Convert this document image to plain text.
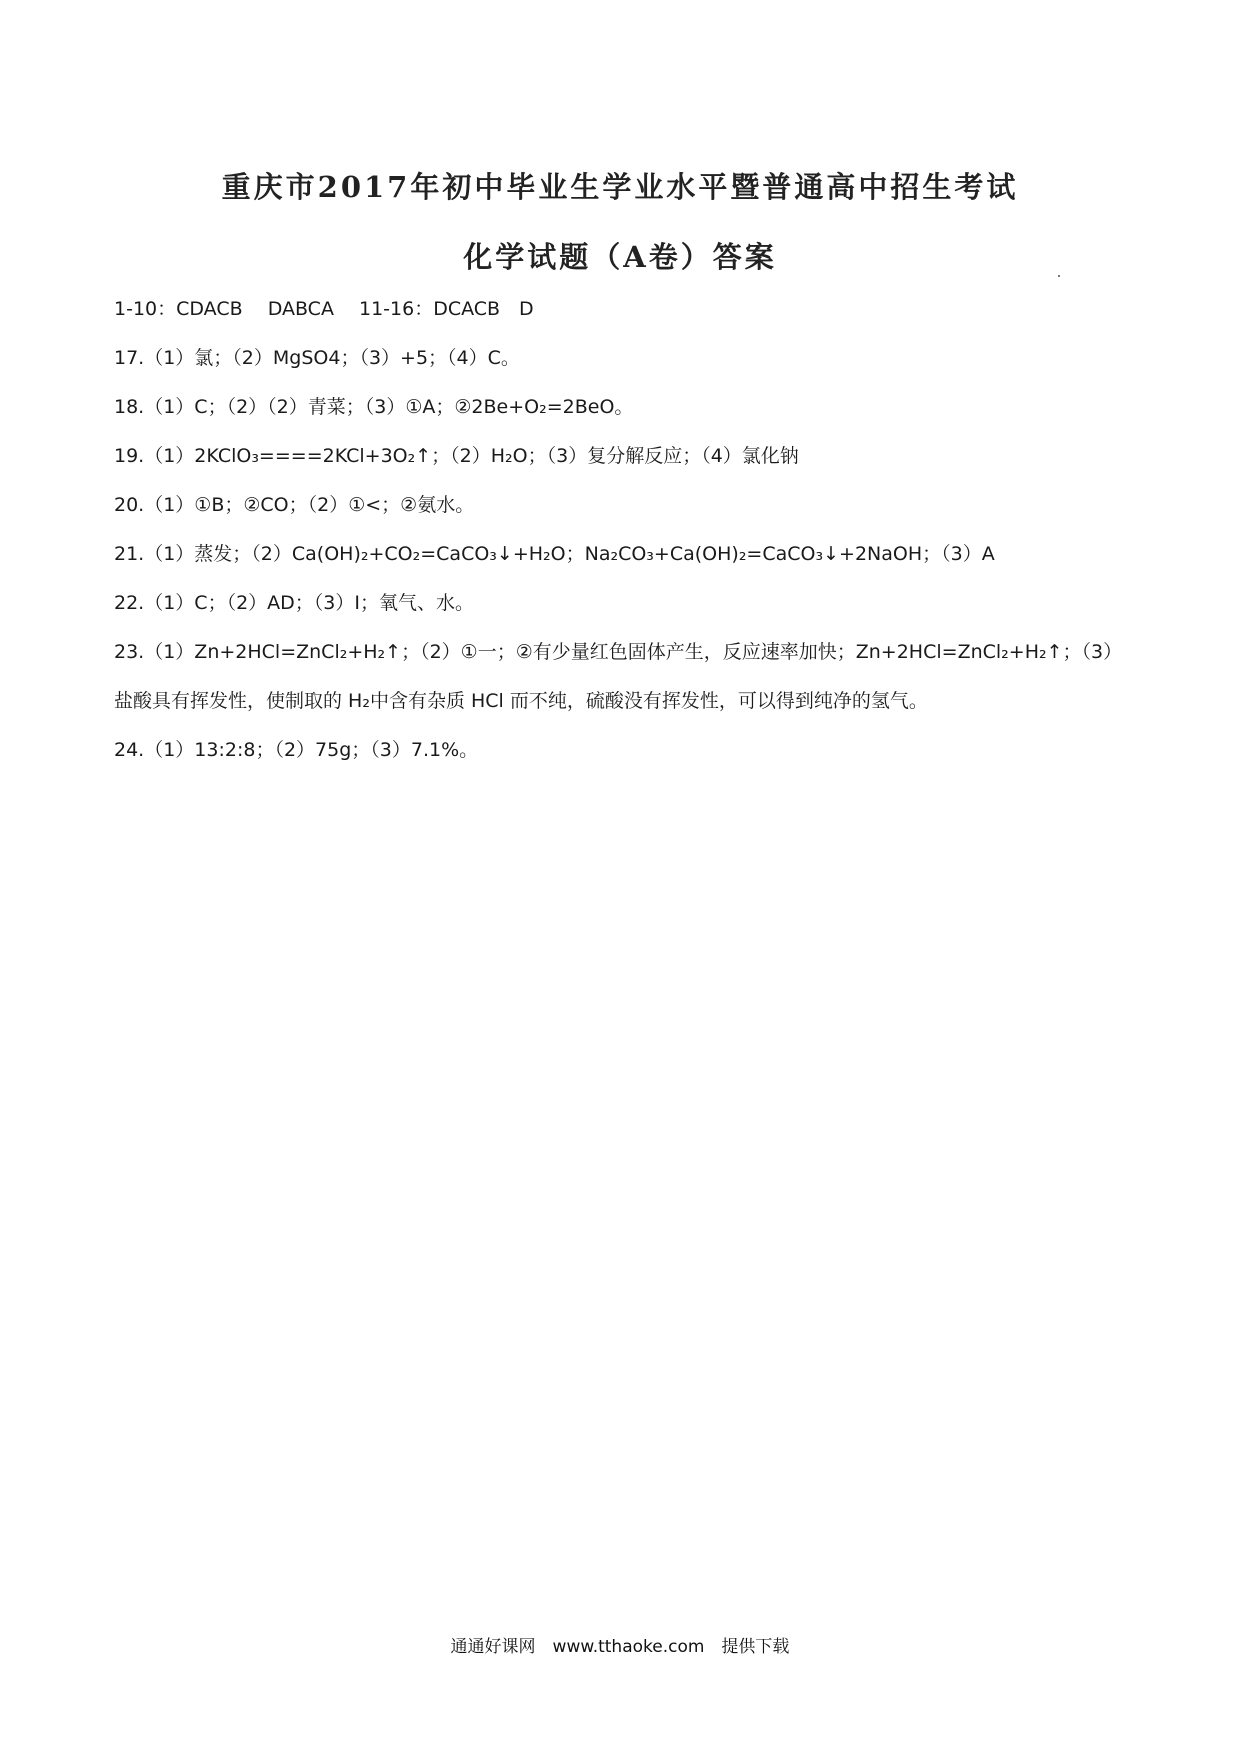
重庆市2017年初中毕业生学业水平暨普通高中招生考试
化学试题（A卷）答案
1-10：CDACB　 DABCA　 11-16：DCACB　D
17.（1）氯；（2）MgSO4；（3）+5；（4）C。
18.（1）C；（2）（2）青菜；（3）①A；②2Be+O₂=2BeO。
19.（1）2KClO₃====2KCl+3O₂↑；（2）H₂O；（3）复分解反应；（4）氯化钠
20.（1）①B；②CO；（2）①<；②氨水。
21.（1）蒸发；（2）Ca(OH)₂+CO₂=CaCO₃↓+H₂O；Na₂CO₃+Ca(OH)₂=CaCO₃↓+2NaOH；（3）A
22.（1）C；（2）AD；（3）I；氧气、水。
23.（1）Zn+2HCl=ZnCl₂+H₂↑；（2）①一；②有少量红色固体产生，反应速率加快；Zn+2HCl=ZnCl₂+H₂↑；（3）
盐酸具有挥发性，使制取的 H₂中含有杂质 HCl 而不纯，硫酸没有挥发性，可以得到纯净的氢气。
24.（1）13:2:8；（2）75g；（3）7.1%。
通通好课网　www.tthaoke.com　提供下载
